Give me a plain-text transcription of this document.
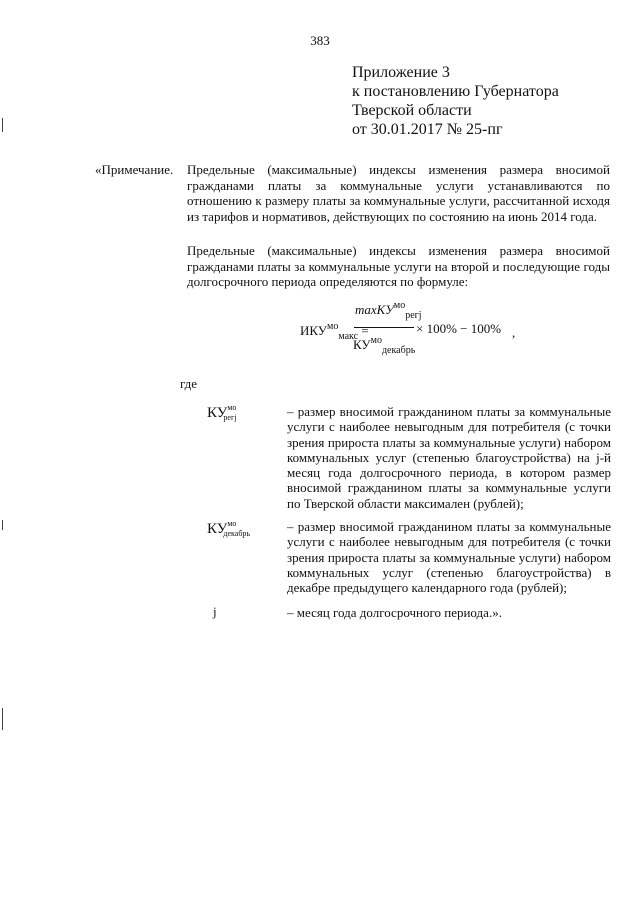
383
Приложение 3
к постановлению Губернатора
Тверской области
от 30.01.2017 № 25-пг
«Примечание. Предельные (максимальные) индексы изменения размера вносимой гражданами платы за коммунальные услуги устанавливаются по отношению к размеру платы за коммунальные услуги, рассчитанной исходя из тарифов и нормативов, действующих по состоянию на июнь 2014 года.
Предельные (максимальные) индексы изменения размера вносимой гражданами платы за коммунальные услуги на второй и последующие годы долгосрочного периода определяются по формуле:
$ИКУ^{мо}_{макс}$ =
maxКУ$^{мо}_{peгj}$
$КУ^{мо}_{декабрь}$
× 100% − 100% ,
где
$КУ^{мо}_{peгj}$	– размер вносимой гражданином платы за коммунальные услуги с наиболее невыгодным для потребителя (с точки зрения прироста платы за коммунальные услуги) набором коммунальных услуг (степенью благоустройства) на j-й месяц года долгосрочного периода, в котором размер вносимой гражданином платы за коммунальные услуги по Тверской области максимален (рублей);
$КУ^{мо}_{декабрь}$	– размер вносимой гражданином платы за коммунальные услуги с наиболее невыгодным для потребителя (с точки зрения прироста платы за коммунальные услуги) набором коммунальных услуг (степенью благоустройства) в декабре предыдущего календарного года (рублей);
j	– месяц года долгосрочного периода.».
